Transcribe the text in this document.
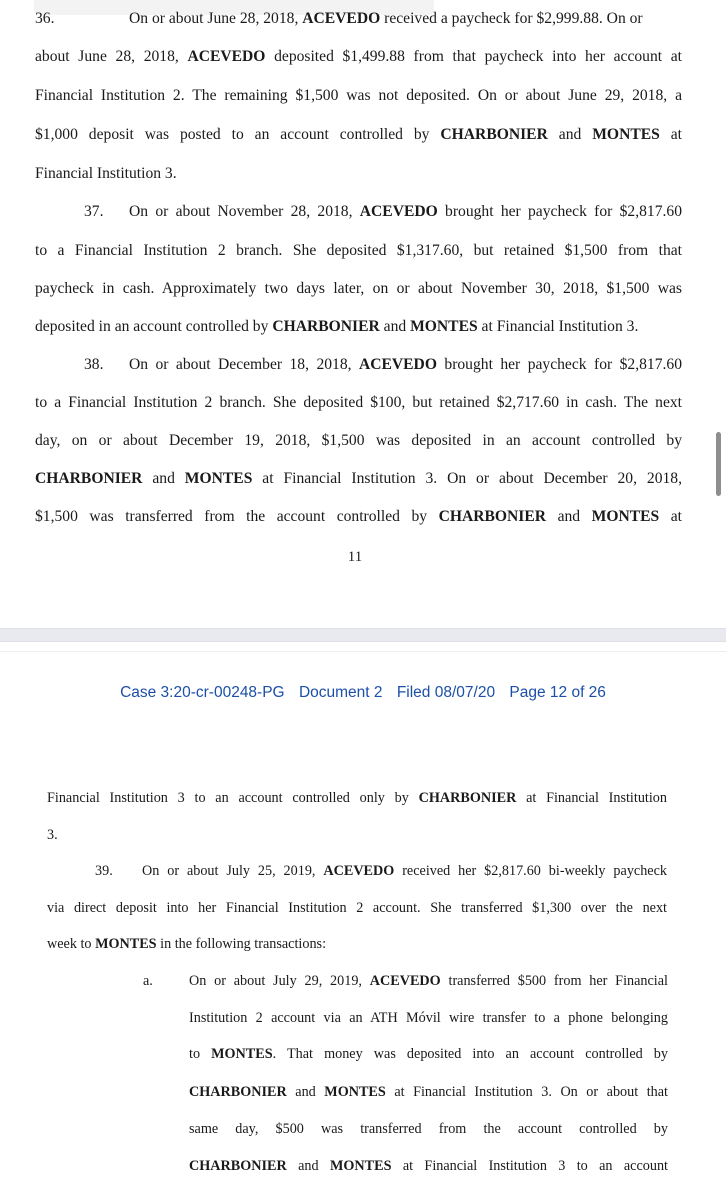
36.	On or about June 28, 2018, ACEVEDO received a paycheck for $2,999.88. On or
about June 28, 2018, ACEVEDO deposited $1,499.88 from that paycheck into her account at
Financial Institution 2. The remaining $1,500 was not deposited. On or about June 29, 2018, a
$1,000 deposit was posted to an account controlled by CHARBONIER and MONTES at
Financial Institution 3.
37. On or about November 28, 2018, ACEVEDO brought her paycheck for $2,817.60
to a Financial Institution 2 branch. She deposited $1,317.60, but retained $1,500 from that
paycheck in cash. Approximately two days later, on or about November 30, 2018, $1,500 was
deposited in an account controlled by CHARBONIER and MONTES at Financial Institution 3.
38. On or about December 18, 2018, ACEVEDO brought her paycheck for $2,817.60
to a Financial Institution 2 branch. She deposited $100, but retained $2,717.60 in cash. The next
day, on or about December 19, 2018, $1,500 was deposited in an account controlled by
CHARBONIER and MONTES at Financial Institution 3. On or about December 20, 2018,
$1,500 was transferred from the account controlled by CHARBONIER and MONTES at
11
Case 3:20-cr-00248-PG Document 2 Filed 08/07/20 Page 12 of 26
Financial Institution 3 to an account controlled only by CHARBONIER at Financial Institution
3.
39. On or about July 25, 2019, ACEVEDO received her $2,817.60 bi-weekly paycheck
via direct deposit into her Financial Institution 2 account. She transferred $1,300 over the next
week to MONTES in the following transactions:
a.	On or about July 29, 2019, ACEVEDO transferred $500 from her Financial
Institution 2 account via an ATH Móvil wire transfer to a phone belonging
to MONTES. That money was deposited into an account controlled by
CHARBONIER and MONTES at Financial Institution 3. On or about that
same day, $500 was transferred from the account controlled by
CHARBONIER and MONTES at Financial Institution 3 to an account
